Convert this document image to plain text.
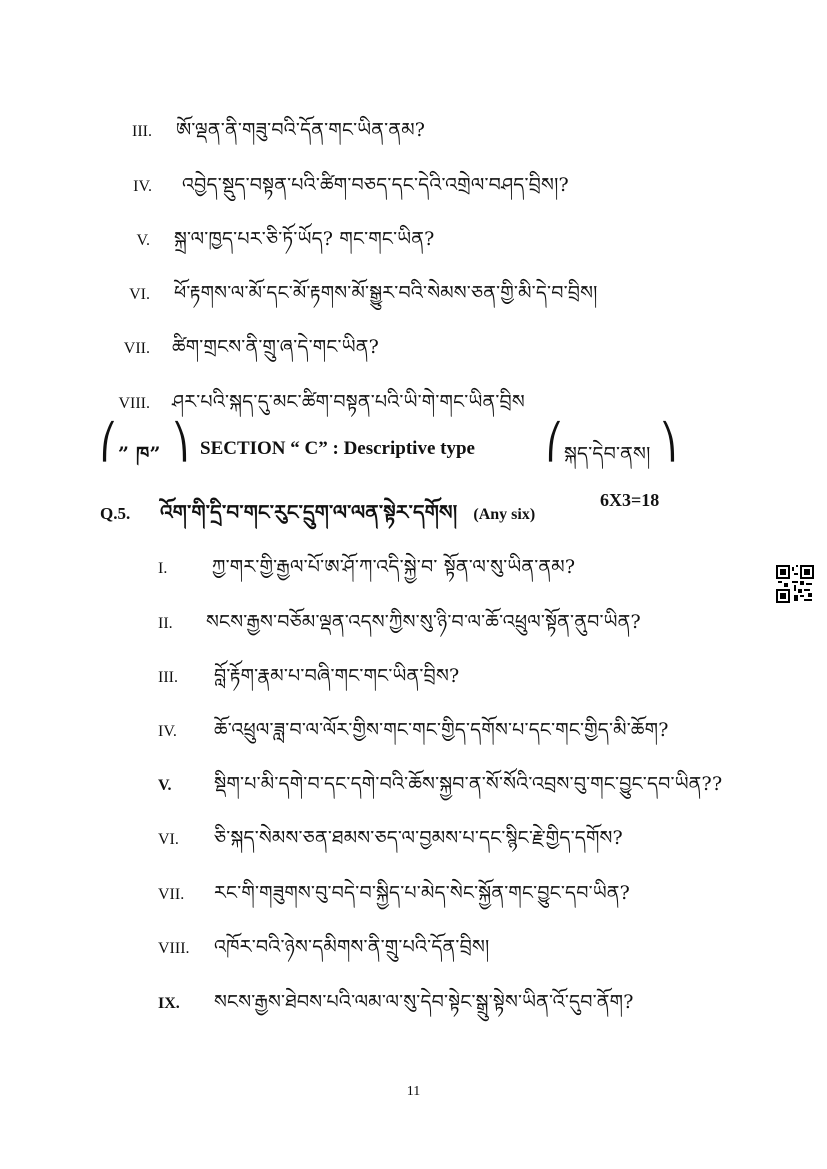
III. ཨོ་ལྡན་ནི་གཟུ་བའི་དོན་གང་ཡིན་ནམ?
IV. འབྱེད་སྡུད་བསྟན་པའི་ཚིག་བཅད་དང་དེའི་འགྲེལ་བཤད་བྲིས།?
V. སྐྲ་ལ་ཁྱད་པར་ཅི་ཏོ་ཡོད? གང་གང་ཡིན?
VI. ཕོ་རྟགས་ལ་མོ་དང་མོ་རྟགས་མོ་སྒྱུར་བའི་སེམས་ཅན་གྱི་མི་དེ་བ་བྲིས།
VII. ཚིག་གྲངས་ནི་གྲུ་ཞ་དེ་གང་ཡིན?
VIII. ཤར་པའི་སྐད་དུ་མང་ཚིག་བསྟན་པའི་ཡི་གེ་གང་ཡིན་བྲིས
⎛ ” ཁ” ⎞ SECTION “ C” : Descriptive type ⎛ སྐད་དེབ་ནས། ⎞
Q.5.	འོག་གི་དྲི་བ་གང་རུང་དྲུག་ལ་ལན་སྟེར་དགོས། (Any six)
6X3=18
I.	ཀྱ་གར་གྱི་རྒྱལ་པོ་ཨ་ཤོ་ཀ་འདི་སྐྱེ་བ་ སྟོན་ལ་སུ་ཡིན་ནམ?
II.	སངས་རྒྱས་བཅོམ་ལྡན་འདས་ཀྱིས་སུ་ཉི་བ་ལ་ཆོ་འཕྲུལ་སྟོན་ནུབ་ཡིན?
III.	བློ་རྟོག་རྣམ་པ་བཞི་གང་གང་ཡིན་བྲིས?
IV.	ཆོ་འཕྲུལ་ཟླ་བ་ལ་ལོར་གྱིས་གང་གང་གྱིད་དགོས་པ་དང་གང་གྱིད་མི་ཆོག?
V.	སྡིག་པ་མི་དགེ་བ་དང་དགེ་བའི་ཆོས་སྐྱབ་ན་སོ་སོའི་འབྲས་བུ་གང་བྱུང་དབ་ཡིན??
VI.	ཅི་སྐད་སེམས་ཅན་ཐམས་ཅད་ལ་བྱམས་པ་དང་སྙིང་རྗེ་གྱིད་དགོས?
VII.	རང་གི་གཟུགས་བུ་བདེ་བ་སྐྱིད་པ་མེད་སེང་སྐྱོན་གང་བྱུང་དབ་ཡིན?
VIII.	འཁོར་བའི་ཉེས་དམིགས་ནི་གྲུ་པའི་དོན་བྲིས།
IX.	སངས་རྒྱས་ཐེབས་པའི་ལམ་ལ་སུ་དེབ་སྟེང་སྒྲུ་སྟེས་ཡིན་འོ་དུབ་ནོག?
11
